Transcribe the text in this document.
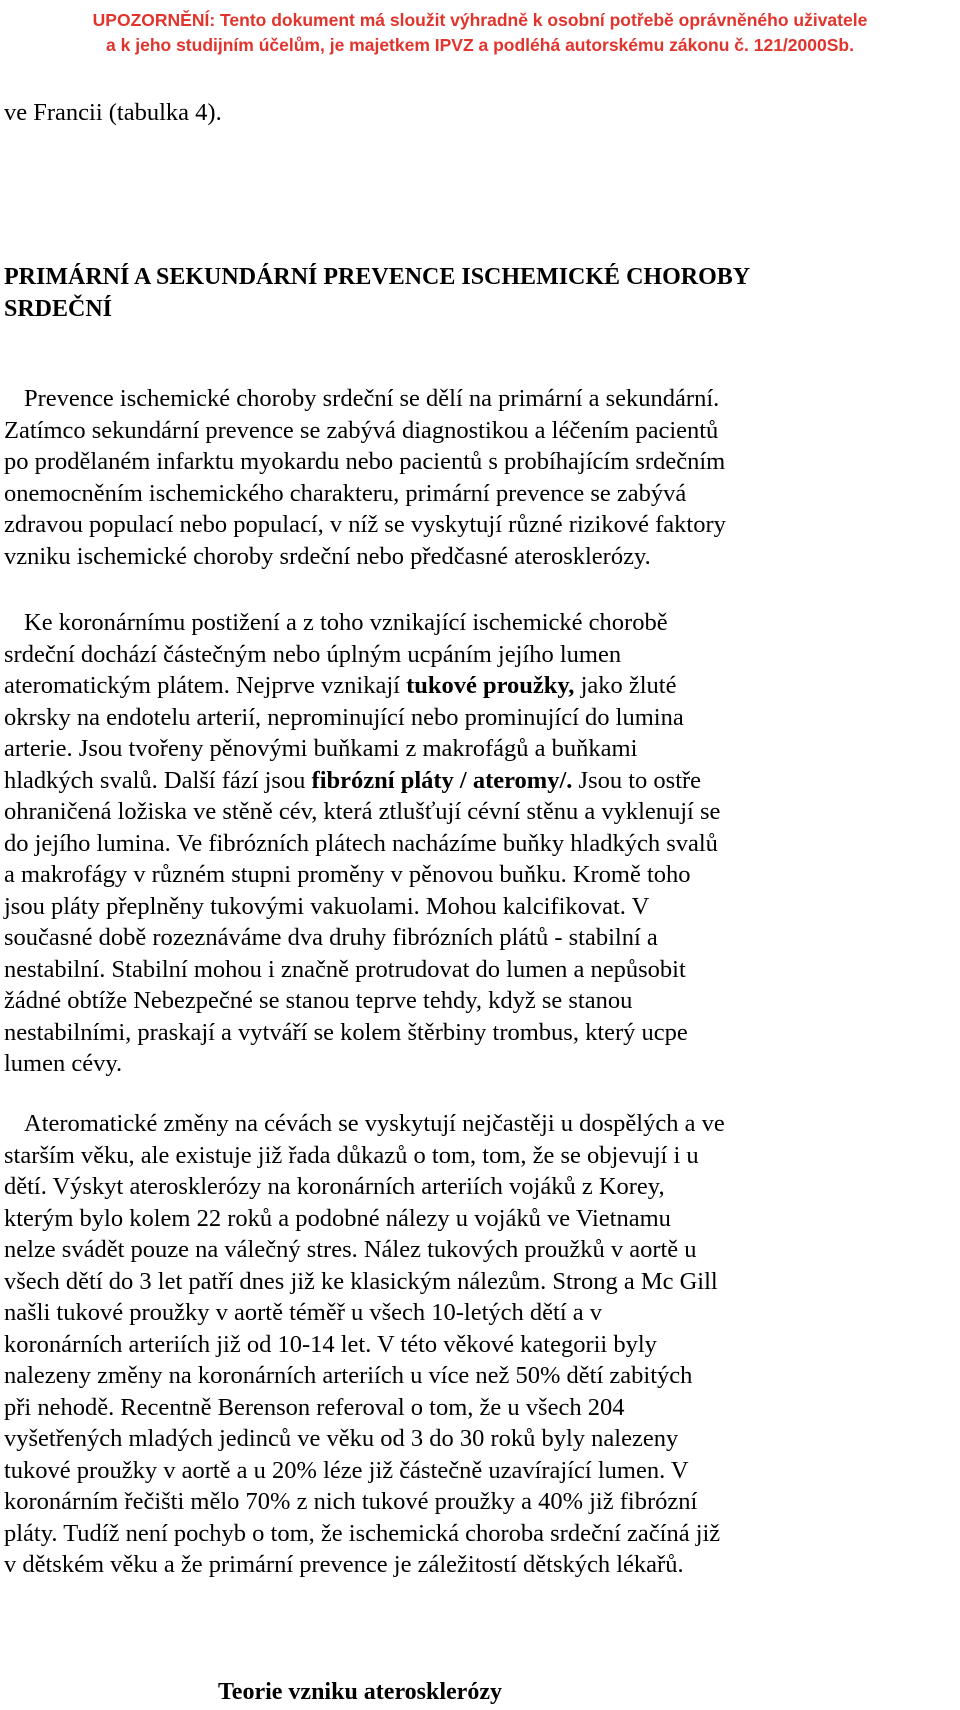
UPOZORNĚNÍ: Tento dokument má sloužit výhradně k osobní potřebě oprávněného uživatele
a k jeho studijním účelům, je majetkem IPVZ a podléhá autorskému zákonu č. 121/2000Sb.
ve Francii (tabulka 4).
PRIMÁRNÍ A SEKUNDÁRNÍ PREVENCE ISCHEMICKÉ CHOROBY
SRDEČNÍ
Prevence ischemické choroby srdeční se dělí na primární a sekundární.
Zatímco sekundární prevence se zabývá diagnostikou a léčením pacientů
po prodělaném infarktu myokardu nebo pacientů s probíhajícím srdečním
onemocněním ischemického charakteru, primární prevence se zabývá
zdravou populací nebo populací, v níž se vyskytují různé rizikové faktory
vzniku ischemické choroby srdeční nebo předčasné aterosklerózy.
Ke koronárnímu postižení a z toho vznikající ischemické chorobě
srdeční dochází částečným nebo úplným ucpáním jejího lumen
ateromatickým plátem. Nejprve vznikají tukové proužky, jako žluté
okrsky na endotelu arterií, neprominující nebo prominující do lumina
arterie. Jsou tvořeny pěnovými buňkami z makrofágů a buňkami
hladkých svalů. Další fází jsou fibrózní pláty / ateromy/. Jsou to ostře
ohraničená ložiska ve stěně cév, která ztlušťují cévní stěnu a vyklenují se
do jejího lumina. Ve fibrózních plátech nacházíme buňky hladkých svalů
a makrofágy v různém stupni proměny v pěnovou buňku. Kromě toho
jsou pláty přeplněny tukovými vakuolami. Mohou kalcifikovat. V
současné době rozeznáváme dva druhy fibrózních plátů - stabilní a
nestabilní. Stabilní mohou i značně protrudovat do lumen a nepůsobit
žádné obtíže Nebezpečné se stanou teprve tehdy, když se stanou
nestabilními, praskají a vytváří se kolem štěrbiny trombus, který ucpe
lumen cévy.
Ateromatické změny na cévách se vyskytují nejčastěji u dospělých a ve
starším věku, ale existuje již řada důkazů o tom, tom, že se objevují i u
dětí. Výskyt aterosklerózy na koronárních arteriích vojáků z Korey,
kterým bylo kolem 22 roků a podobné nálezy u vojáků ve Vietnamu
nelze svádět pouze na válečný stres. Nález tukových proužků v aortě u
všech dětí do 3 let patří dnes již ke klasickým nálezům. Strong a Mc Gill
našli tukové proužky v aortě téměř u všech 10-letých dětí a v
koronárních arteriích již od 10-14 let. V této věkové kategorii byly
nalezeny změny na koronárních arteriích u více než 50% dětí zabitých
při nehodě. Recentně Berenson referoval o tom, že u všech 204
vyšetřených mladých jedinců ve věku od 3 do 30 roků byly nalezeny
tukové proužky v aortě a u 20% léze již částečně uzavírající lumen. V
koronárním řečišti mělo 70% z nich tukové proužky a 40% již fibrózní
pláty. Tudíž není pochyb o tom, že ischemická choroba srdeční začíná již
v dětském věku a že primární prevence je záležitostí dětských lékařů.
Teorie vzniku aterosklerózy
